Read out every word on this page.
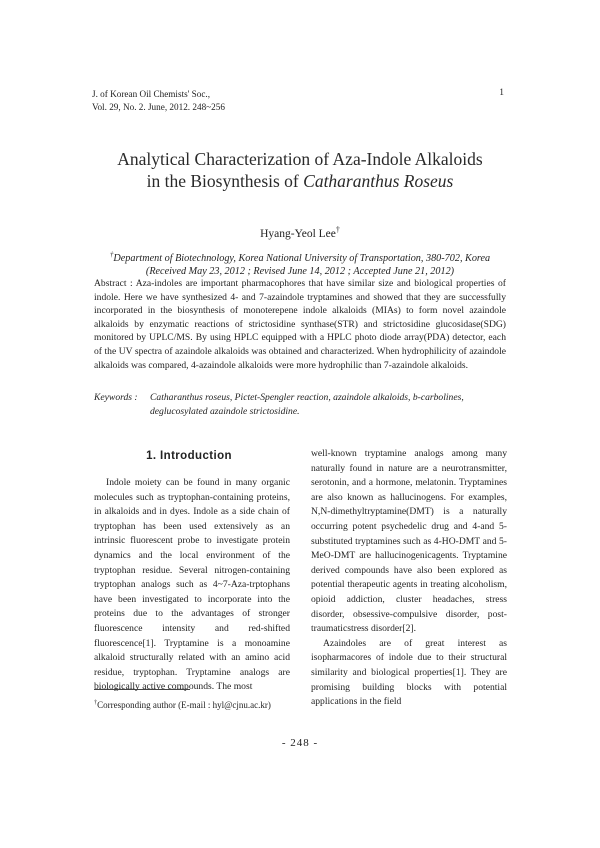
J. of Korean Oil Chemists' Soc.,
Vol. 29, No. 2. June, 2012. 248~256
1
Analytical Characterization of Aza-Indole Alkaloids
in the Biosynthesis of Catharanthus Roseus
Hyang-Yeol Lee†
†Department of Biotechnology, Korea National University of Transportation, 380-702, Korea
(Received May 23, 2012 ; Revised June 14, 2012 ; Accepted June 21, 2012)
Abstract : Aza-indoles are important pharmacophores that have similar size and biological properties of indole. Here we have synthesized 4- and 7-azaindole tryptamines and showed that they are successfully incorporated in the biosynthesis of monoterepene indole alkaloids (MIAs) to form novel azaindole alkaloids by enzymatic reactions of strictosidine synthase(STR) and strictosidine glucosidase(SDG) monitored by UPLC/MS. By using HPLC equipped with a HPLC photo diode array(PDA) detector, each of the UV spectra of azaindole alkaloids was obtained and characterized. When hydrophilicity of azaindole alkaloids was compared, 4-azaindole alkaloids were more hydrophilic than 7-azaindole alkaloids.
Keywords : Catharanthus roseus, Pictet-Spengler reaction, azaindole alkaloids, b-carbolines,
deglucosylated azaindole strictosidine.
1. Introduction

Indole moiety can be found in many organic molecules such as tryptophan-containing proteins, in alkaloids and in dyes. Indole as a side chain of tryptophan has been used extensively as an intrinsic fluorescent probe to investigate protein dynamics and the local environment of the tryptophan residue. Several nitrogen-containing tryptophan analogs such as 4~7-Aza-trptophans have been investigated to incorporate into the proteins due to the advantages of stronger fluorescence intensity and red-shifted fluorescence[1]. Tryptamine is a monoamine alkaloid structurally related with an amino acid residue, tryptophan. Tryptamine analogs are biologically active compounds. The most

well-known tryptamine analogs among many naturally found in nature are a neurotransmitter, serotonin, and a hormone, melatonin. Tryptamines are also known as hallucinogens. For examples, N,N-dimethyltryptamine(DMT) is a naturally occurring potent psychedelic drug and 4-and 5-substituted tryptamines such as 4-HO-DMT and 5-MeO-DMT are hallucinogenicagents. Tryptamine derived compounds have also been explored as potential therapeutic agents in treating alcoholism, opioid addiction, cluster headaches, stress disorder, obsessive-compulsive disorder, post-traumaticstress disorder[2].

Azaindoles are of great interest as isopharmacores of indole due to their structural similarity and biological properties[1]. They are promising building blocks with potential applications in the field

†Corresponding author (E-mail : hyl@cjnu.ac.kr)
- 248 -
